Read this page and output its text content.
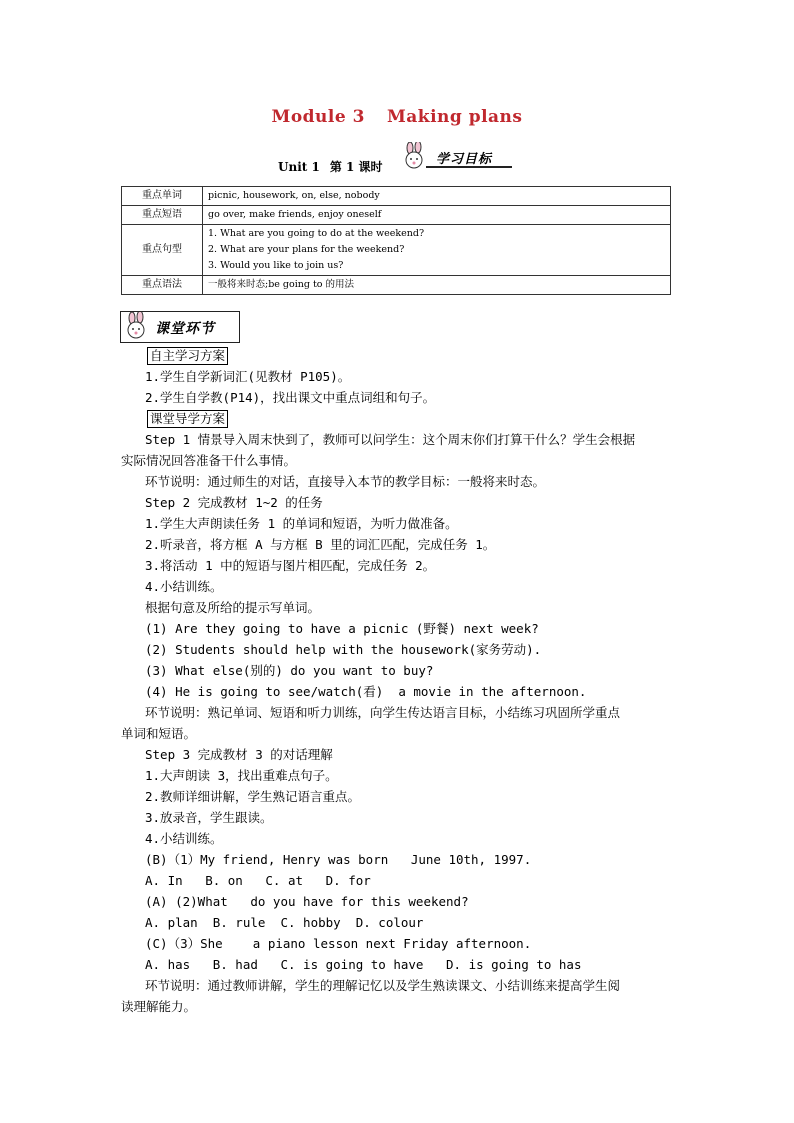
Module 3 Making plans
Unit 1 第 1 课时	学习目标
重点单词	picnic, housework, on, else, nobody

重点短语	go over, make friends, enjoy oneself

重点句型	1. What are you going to do at the weekend?
2. What are your plans for the weekend?
3. Would you like to join us?

重点语法	一般将来时态;be going to 的用法
课堂环节
自主学习方案
1.学生自学新词汇(见教材 P105)。
2.学生自学教(P14)，找出课文中重点词组和句子。
课堂导学方案
Step 1 情景导入周末快到了，教师可以问学生：这个周末你们打算干什么？学生会根据
实际情况回答准备干什么事情。
环节说明：通过师生的对话，直接导入本节的教学目标：一般将来时态。
Step 2 完成教材 1~2 的任务
1.学生大声朗读任务 1 的单词和短语，为听力做准备。
2.听录音，将方框 A 与方框 B 里的词汇匹配，完成任务 1。
3.将活动 1 中的短语与图片相匹配，完成任务 2。
4.小结训练。
根据句意及所给的提示写单词。
(1) Are they going to have a picnic (野餐) next week?
(2) Students should help with the housework(家务劳动).
(3) What else(别的) do you want to buy?
(4) He is going to see/watch(看)  a movie in the afternoon.
环节说明：熟记单词、短语和听力训练，向学生传达语言目标，小结练习巩固所学重点
单词和短语。
Step 3 完成教材 3 的对话理解
1.大声朗读 3，找出重难点句子。
2.教师详细讲解，学生熟记语言重点。
3.放录音，学生跟读。
4.小结训练。
(B)（1）My friend, Henry was born   June 10th, 1997.
A. In   B. on   C. at   D. for
(A) (2)What   do you have for this weekend?
A. plan  B. rule  C. hobby  D. colour
(C)（3）She    a piano lesson next Friday afternoon.
A. has   B. had   C. is going to have   D. is going to has
环节说明：通过教师讲解，学生的理解记忆以及学生熟读课文、小结训练来提高学生阅
读理解能力。
